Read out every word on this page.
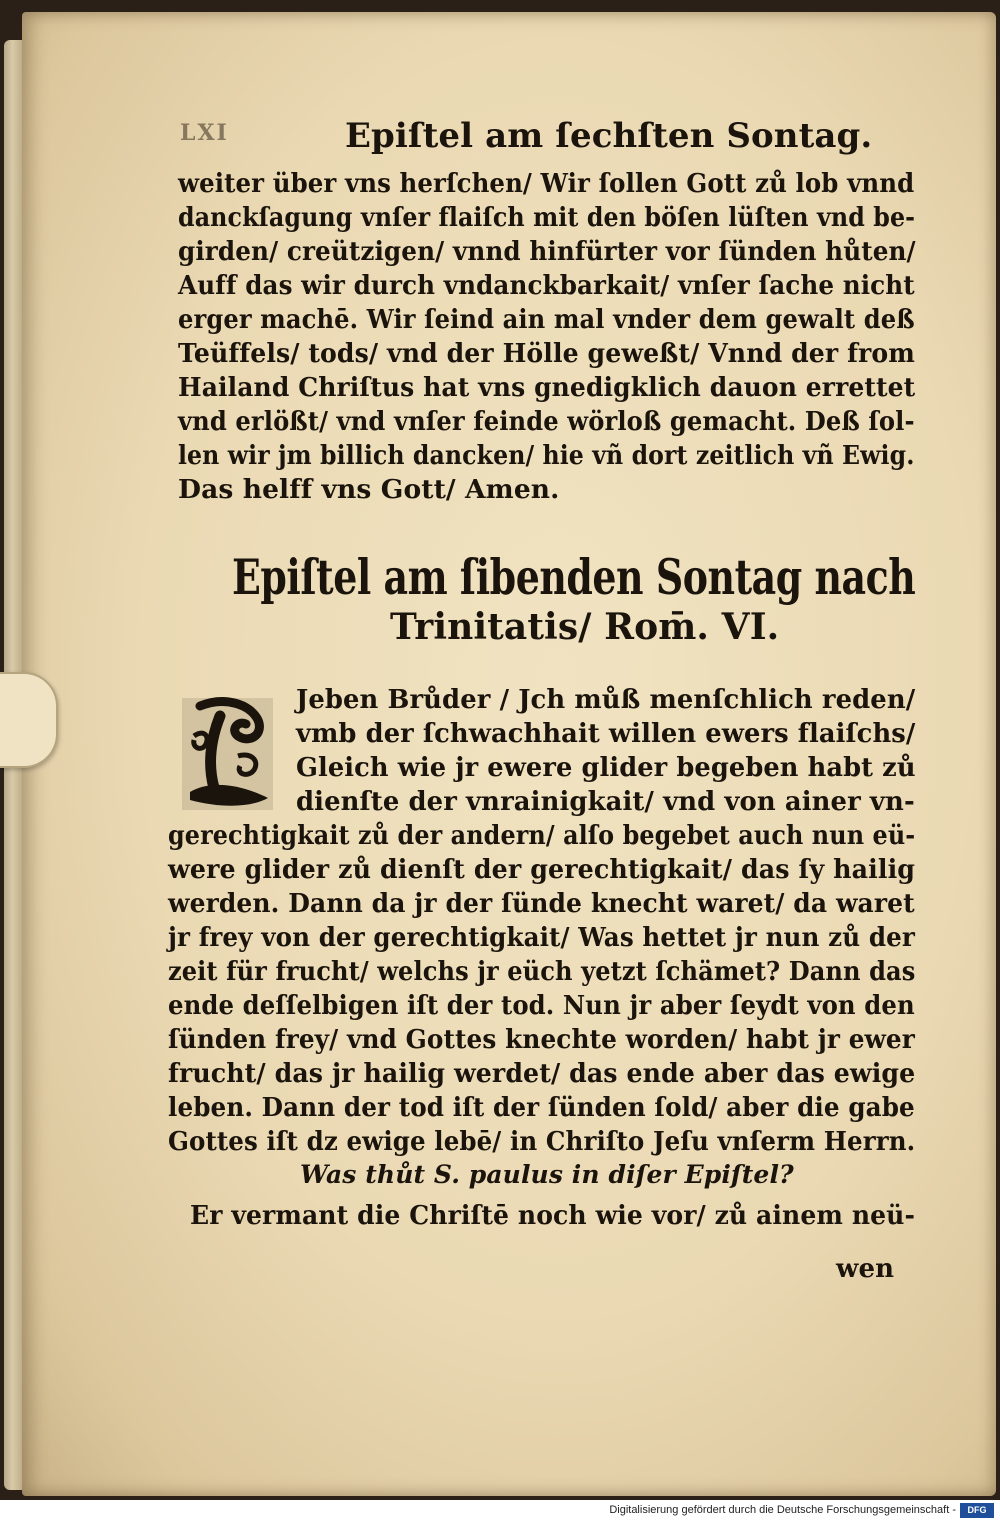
LXI	Epiſtel am ſechſten Sontag.
weiter über vns herſchen/ Wir ſollen Gott zů lob vnnd
danckſagung vnſer flaiſch mit den böſen lüſten vnd be-
girden/ creützigen/ vnnd hinfürter vor ſünden hůten/
Auff das wir durch vndanckbarkait/ vnſer ſache nicht
erger machē. Wir ſeind ain mal vnder dem gewalt deß
Teüffels/ tods/ vnd der Hölle geweßt/ Vnnd der from
Hailand Chriſtus hat vns gnedigklich dauon errettet
vnd erlößt/ vnd vnſer feinde wörloß gemacht. Deß ſol-
len wir jm billich dancken/ hie vñ dort zeitlich vñ Ewig.
Das helff vns Gott/ Amen.
Epiſtel am ſibenden Sontag nach
Trinitatis/ Rom̄. VI.
Jeben Brůder / Jch můß menſchlich reden/
vmb der ſchwachhait willen ewers flaiſchs/
Gleich wie jr ewere glider begeben habt zů
dienſte der vnrainigkait/ vnd von ainer vn-
gerechtigkait zů der andern/ alſo begebet auch nun eü-
were glider zů dienſt der gerechtigkait/ das ſy hailig
werden. Dann da jr der ſünde knecht waret/ da waret
jr frey von der gerechtigkait/ Was hettet jr nun zů der
zeit für frucht/ welchs jr eüch yetzt ſchämet? Dann das
ende deſſelbigen iſt der tod. Nun jr aber ſeydt von den
ſünden frey/ vnd Gottes knechte worden/ habt jr ewer
frucht/ das jr hailig werdet/ das ende aber das ewige
leben. Dann der tod iſt der ſünden ſold/ aber die gabe
Gottes iſt dz ewige lebē/ in Chriſto Jeſu vnſerm Herrn.
Was thůt S. paulus in diſer Epiſtel?
Er vermant die Chriſtē noch wie vor/ zů ainem neü-
wen
Digitalisierung gefördert durch die Deutsche Forschungsgemeinschaft -	DFG
